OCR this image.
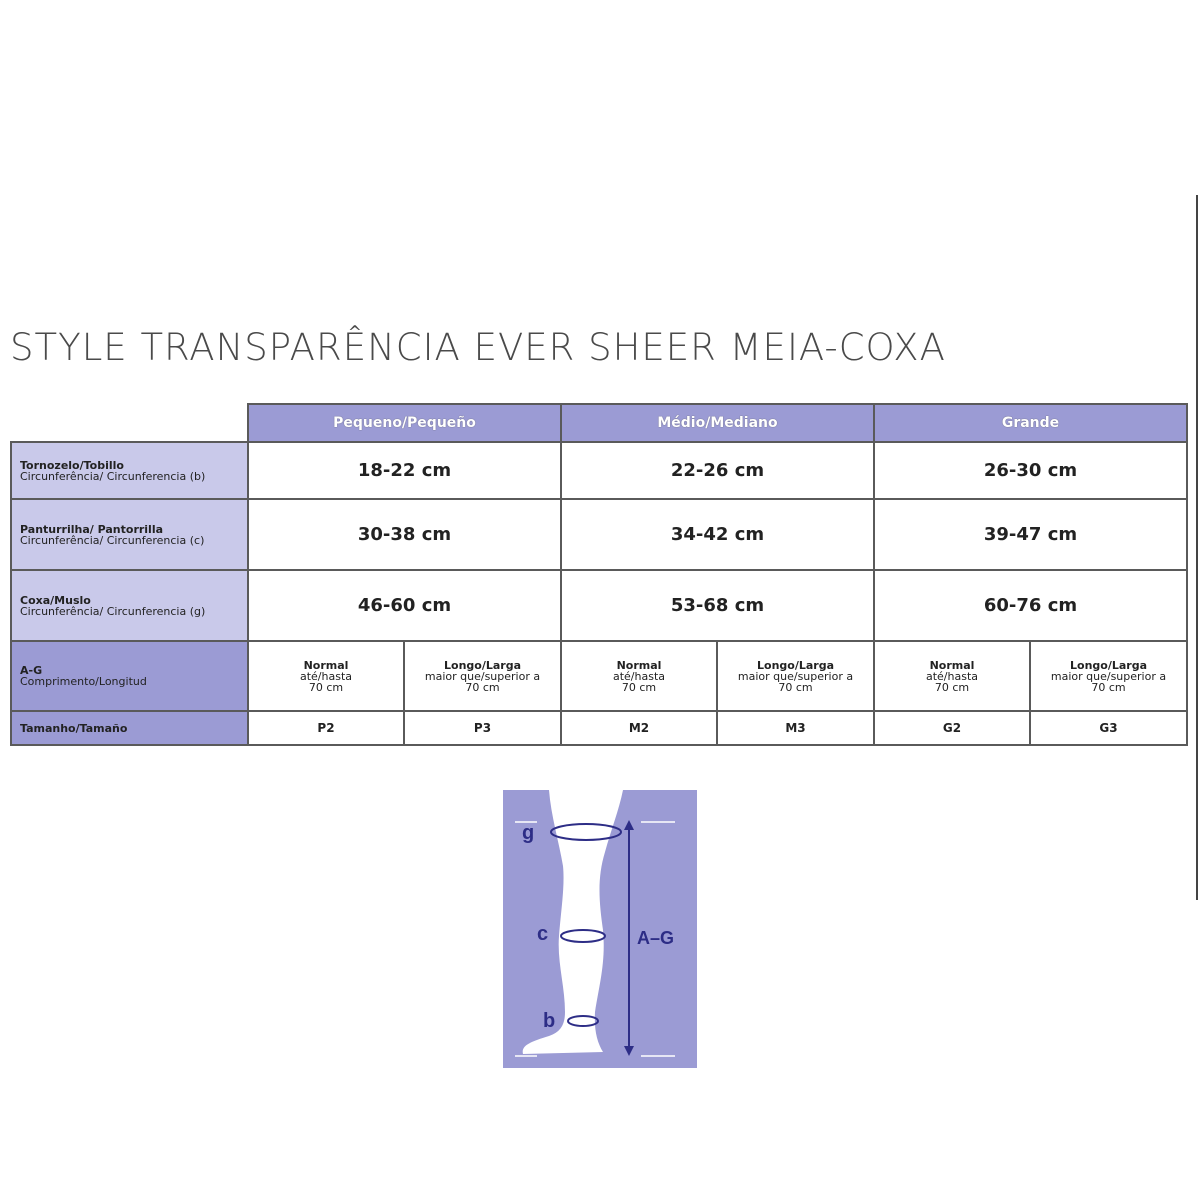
STYLE TRANSPARÊNCIA EVER SHEER MEIA-COXA
	Pequeno/Pequeño		Médio/Mediano		Grande	

Tornozelo/Tobillo
Circunferência/ Circunferencia (b)	18-22 cm		22-26 cm		26-30 cm	

Panturrilha/ Pantorrilla
Circunferência/ Circunferencia (c)	30-38 cm		34-42 cm		39-47 cm	

Coxa/Muslo
Circunferência/ Circunferencia (g)	46-60 cm		53-68 cm		60-76 cm	

A-G
Comprimento/Longitud	Normal
até/hasta
70 cm	Longo/Larga
maior que/superior a
70 cm	Normal
até/hasta
70 cm	Longo/Larga
maior que/superior a
70 cm	Normal
até/hasta
70 cm	Longo/Larga
maior que/superior a
70 cm

Tamanho/Tamaño	P2	P3	M2	M3	G2	G3
g
c
b
A–G
